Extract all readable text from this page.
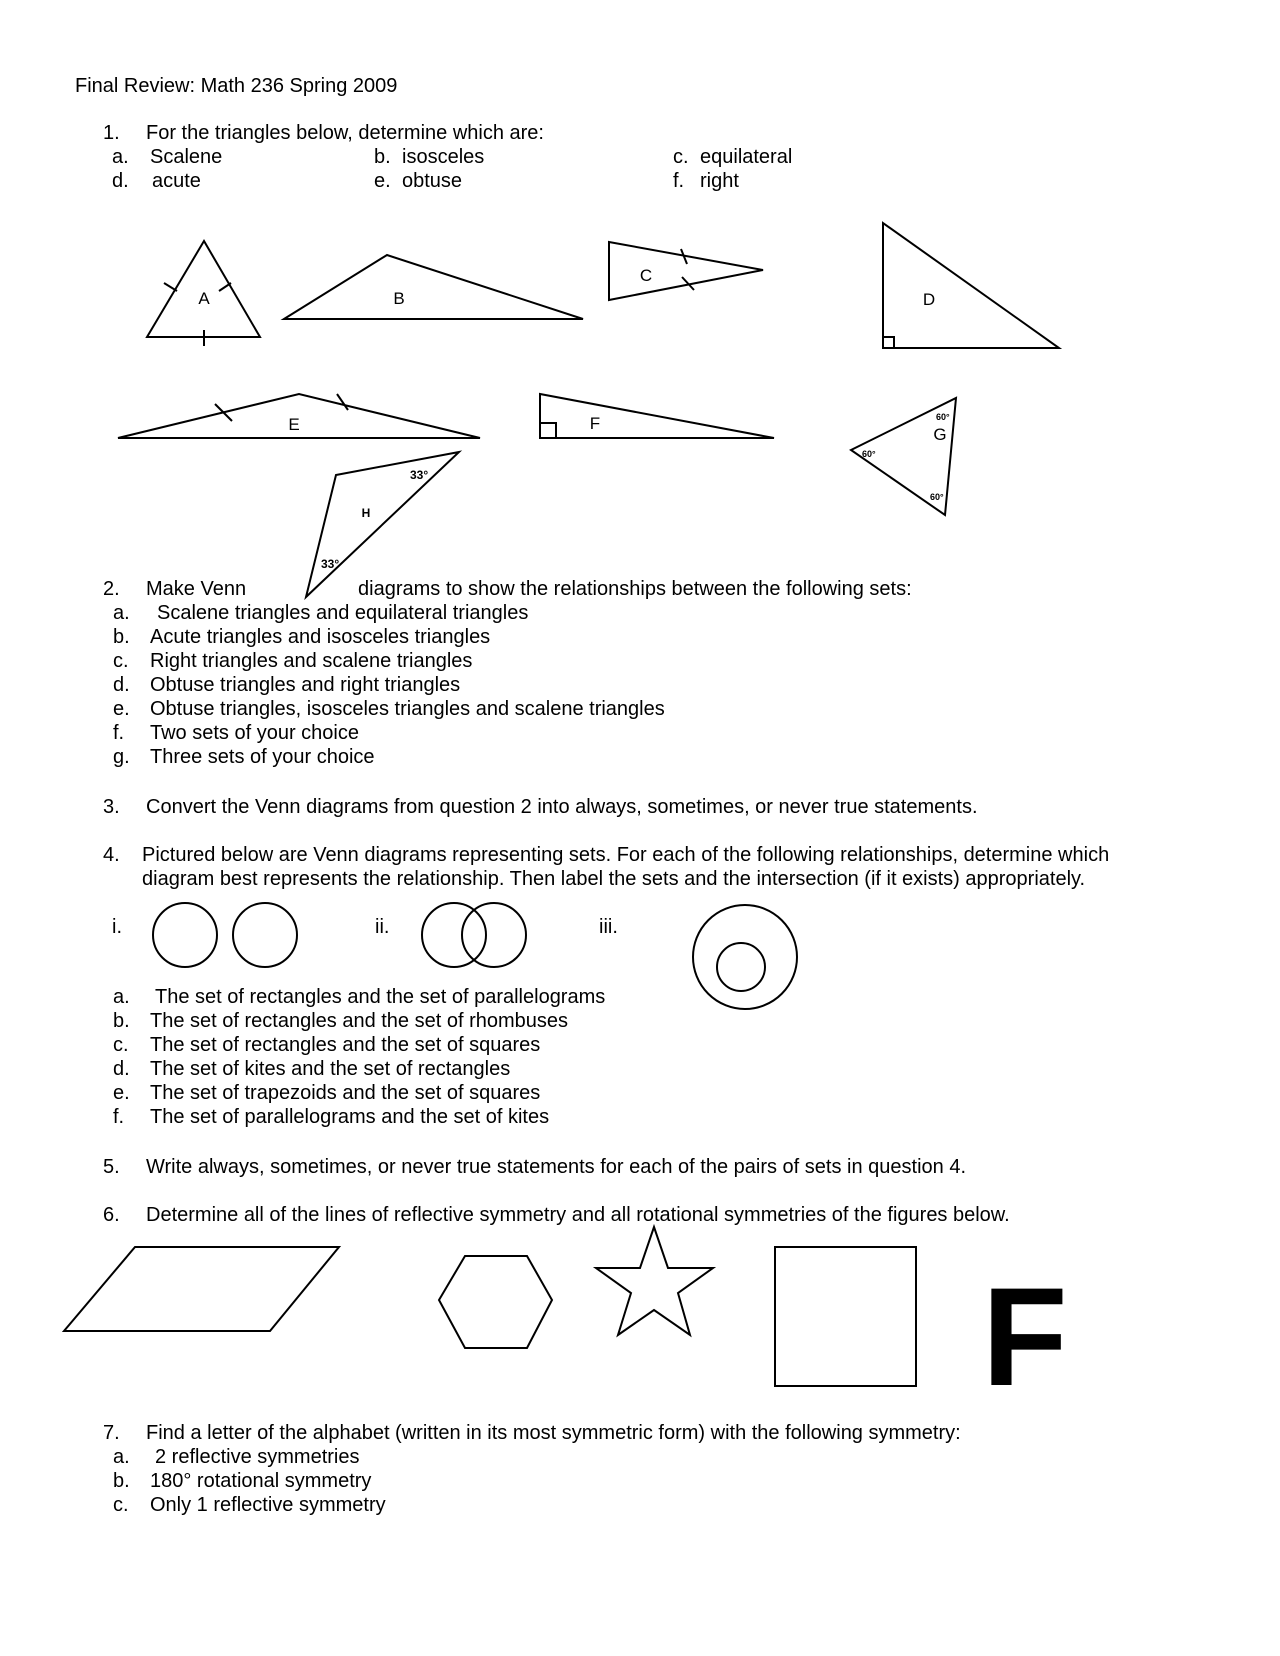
Final Review: Math 236 Spring 2009
1. For the triangles below, determine which are:
a. Scalene	b. isosceles	c. equilateral
d. acute	e. obtuse	f. right
A	B
C
D
E	F
G
H
33°
33°
60°
60°
60°
F
2. Make Venn	diagrams to show the relationships between the following sets:
a. Scalene triangles and equilateral triangles
b. Acute triangles and isosceles triangles
c. Right triangles and scalene triangles
d. Obtuse triangles and right triangles
e. Obtuse triangles, isosceles triangles and scalene triangles
f. Two sets of your choice
g. Three sets of your choice
3. Convert the Venn diagrams from question 2 into always, sometimes, or never true statements.
4. Pictured below are Venn diagrams representing sets. For each of the following relationships, determine which
diagram best represents the relationship. Then label the sets and the intersection (if it exists) appropriately.
i.	ii.	iii.
a. The set of rectangles and the set of parallelograms
b. The set of rectangles and the set of rhombuses
c. The set of rectangles and the set of squares
d. The set of kites and the set of rectangles
e. The set of trapezoids and the set of squares
f. The set of parallelograms and the set of kites
5. Write always, sometimes, or never true statements for each of the pairs of sets in question 4.
6. Determine all of the lines of reflective symmetry and all rotational symmetries of the figures below.
7. Find a letter of the alphabet (written in its most symmetric form) with the following symmetry:
a. 2 reflective symmetries
b. 180° rotational symmetry
c. Only 1 reflective symmetry
